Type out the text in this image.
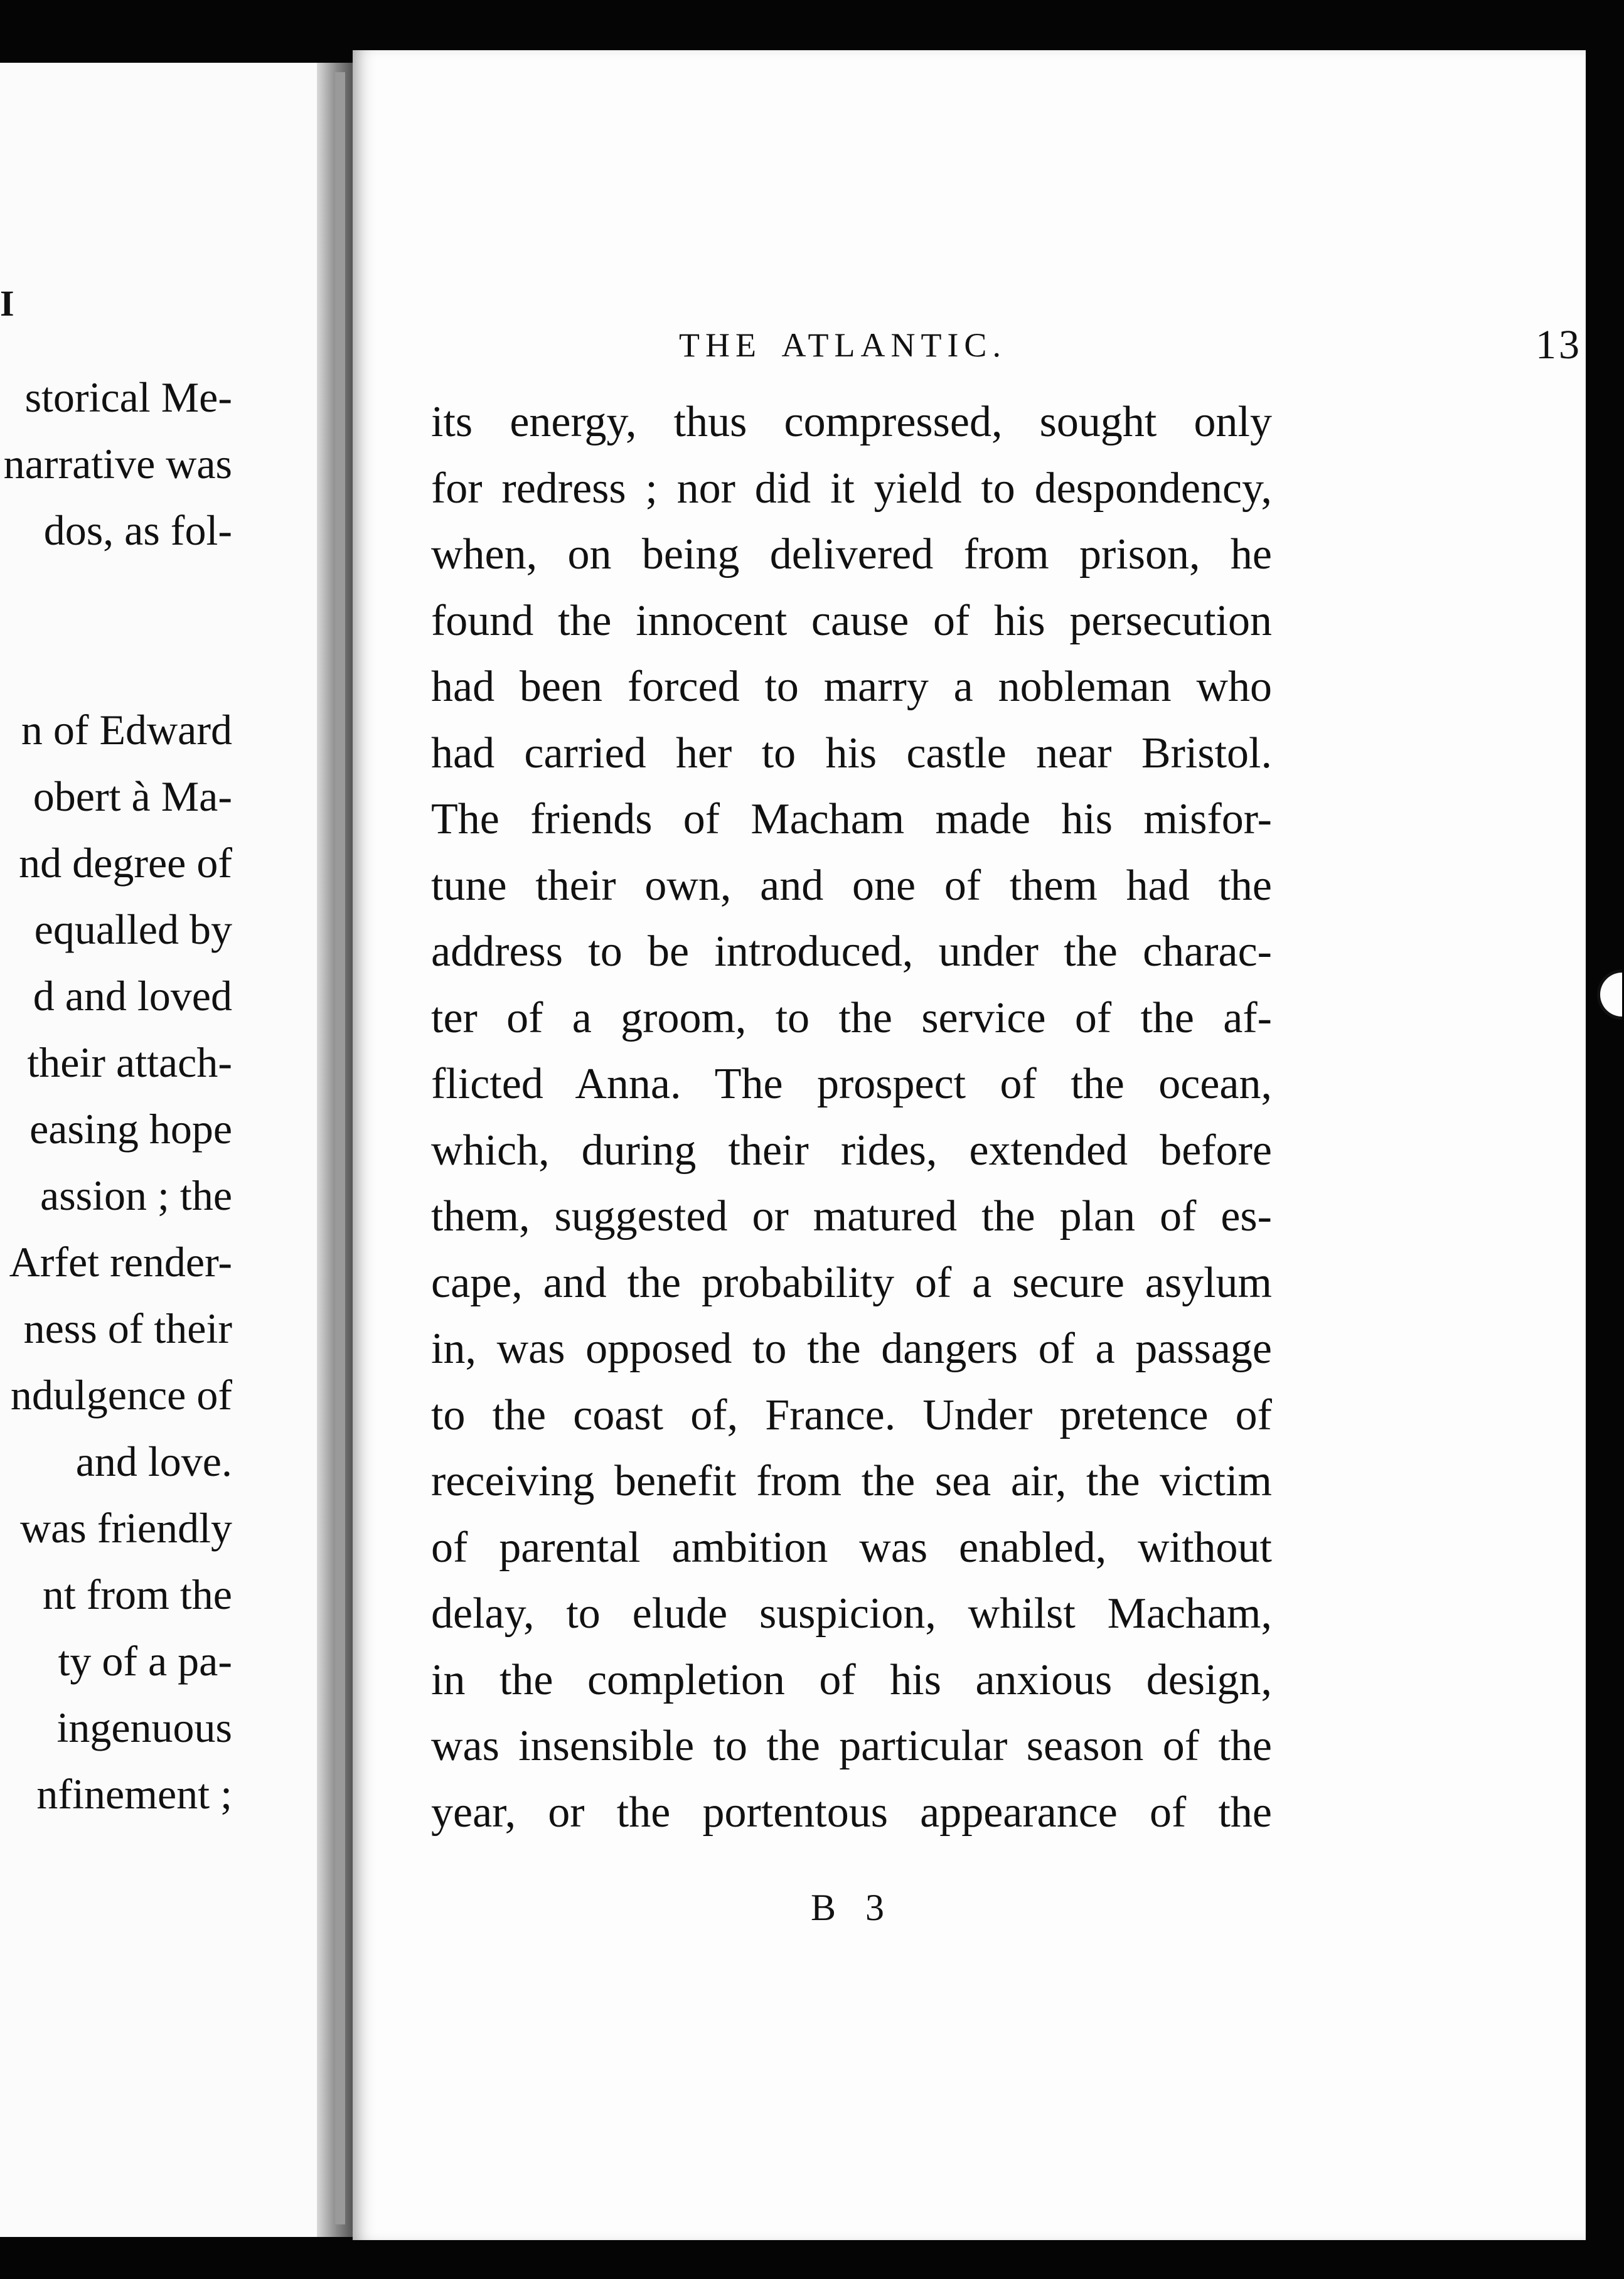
I

storical Me-
narrative was
dos, as fol-
n of Edward
obert à Ma-
nd degree of
equalled by
d and loved
their attach-
easing hope
assion ; the
Arfet render-
ness of their
ndulgence of
and love.
was friendly
nt from the
ty of a pa-
ingenuous
nfinement ;
THE ATLANTIC.	13
its energy, thus compressed, sought only
for redress ; nor did it yield to despondency,
when, on being delivered from prison, he
found the innocent cause of his persecution
had been forced to marry a nobleman who
had carried her to his castle near Bristol.
The friends of Macham made his misfor-
tune their own, and one of them had the
address to be introduced, under the charac-
ter of a groom, to the service of the af-
flicted Anna. The prospect of the ocean,
which, during their rides, extended before
them, suggested or matured the plan of es-
cape, and the probability of a secure asylum
in, was opposed to the dangers of a passage
to the coast of, France. Under pretence of
receiving benefit from the sea air, the victim
of parental ambition was enabled, without
delay, to elude suspicion, whilst Macham,
in the completion of his anxious design,
was insensible to the particular season of the
year, or the portentous appearance of the
B 3
